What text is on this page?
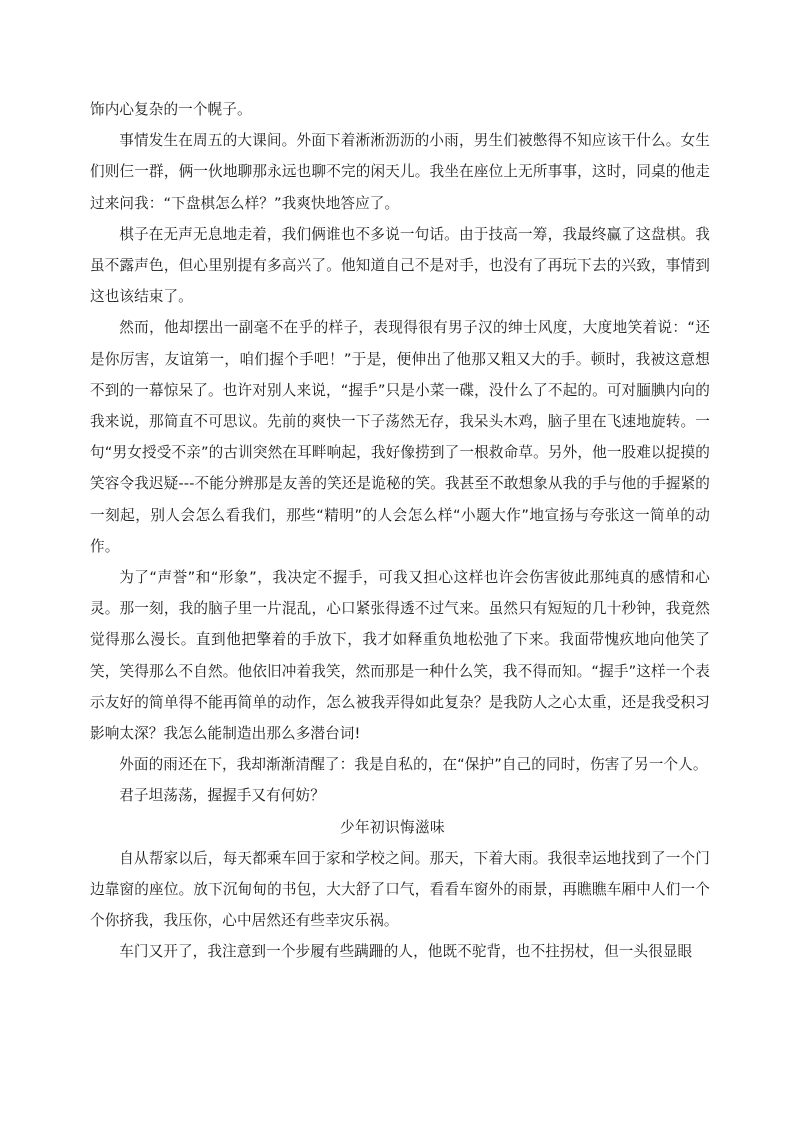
饰内心复杂的一个幌子。

事情发生在周五的大课间。外面下着淅淅沥沥的小雨，男生们被憋得不知应该干什么。女生们则仨一群，俩一伙地聊那永远也聊不完的闲天儿。我坐在座位上无所事事，这时，同桌的他走过来问我：“下盘棋怎么样？”我爽快地答应了。

棋子在无声无息地走着，我们俩谁也不多说一句话。由于技高一筹，我最终赢了这盘棋。我虽不露声色，但心里别提有多高兴了。他知道自己不是对手，也没有了再玩下去的兴致，事情到这也该结束了。

然而，他却摆出一副毫不在乎的样子，表现得很有男子汉的绅士风度，大度地笑着说：“还是你厉害，友谊第一，咱们握个手吧！”于是，便伸出了他那又粗又大的手。顿时，我被这意想不到的一幕惊呆了。也许对别人来说，“握手”只是小菜一碟，没什么了不起的。可对腼腆内向的我来说，那简直不可思议。先前的爽快一下子荡然无存，我呆头木鸡，脑子里在飞速地旋转。一句“男女授受不亲”的古训突然在耳畔响起，我好像捞到了一根救命草。另外，他一股难以捉摸的笑容令我迟疑---不能分辨那是友善的笑还是诡秘的笑。我甚至不敢想象从我的手与他的手握紧的一刻起，别人会怎么看我们，那些“精明”的人会怎么样“小题大作”地宣扬与夸张这一简单的动作。

为了“声誉”和“形象”，我决定不握手，可我又担心这样也许会伤害彼此那纯真的感情和心灵。那一刻，我的脑子里一片混乱，心口紧张得透不过气来。虽然只有短短的几十秒钟，我竟然觉得那么漫长。直到他把擎着的手放下，我才如释重负地松弛了下来。我面带愧疚地向他笑了笑，笑得那么不自然。他依旧冲着我笑，然而那是一种什么笑，我不得而知。“握手”这样一个表示友好的简单得不能再简单的动作，怎么被我弄得如此复杂？是我防人之心太重，还是我受积习影响太深？我怎么能制造出那么多潜台词!

外面的雨还在下，我却渐渐清醒了：我是自私的，在“保护”自己的同时，伤害了另一个人。

君子坦荡荡，握握手又有何妨？

少年初识悔滋味

自从帮家以后，每天都乘车回于家和学校之间。那天，下着大雨。我很幸运地找到了一个门边靠窗的座位。放下沉甸甸的书包，大大舒了口气，看看车窗外的雨景，再瞧瞧车厢中人们一个个你挤我，我压你，心中居然还有些幸灾乐祸。

车门又开了，我注意到一个步履有些蹒跚的人，他既不驼背，也不拄拐杖，但一头很显眼
